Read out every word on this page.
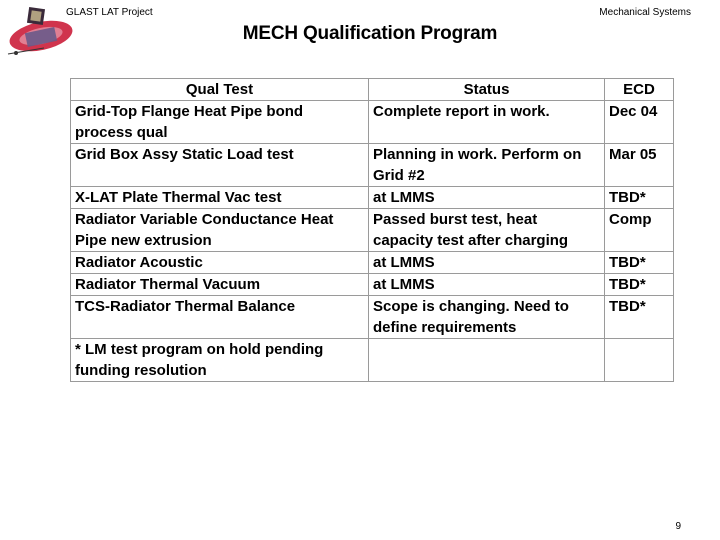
GLAST LAT Project	Mechanical Systems
MECH Qualification Program
Qual Test	Status	ECD
Grid-Top Flange Heat Pipe bond process qual	Complete report in work.	Dec 04
Grid Box Assy Static Load test	Planning in work. Perform on Grid #2	Mar 05
X-LAT Plate Thermal Vac test	at LMMS	TBD*
Radiator Variable Conductance Heat Pipe new extrusion	Passed burst test, heat capacity test after charging	Comp
Radiator Acoustic	at LMMS	TBD*
Radiator Thermal Vacuum	at LMMS	TBD*
TCS-Radiator Thermal Balance	Scope is changing. Need to define requirements	TBD*
* LM test program on hold pending funding resolution		
9
